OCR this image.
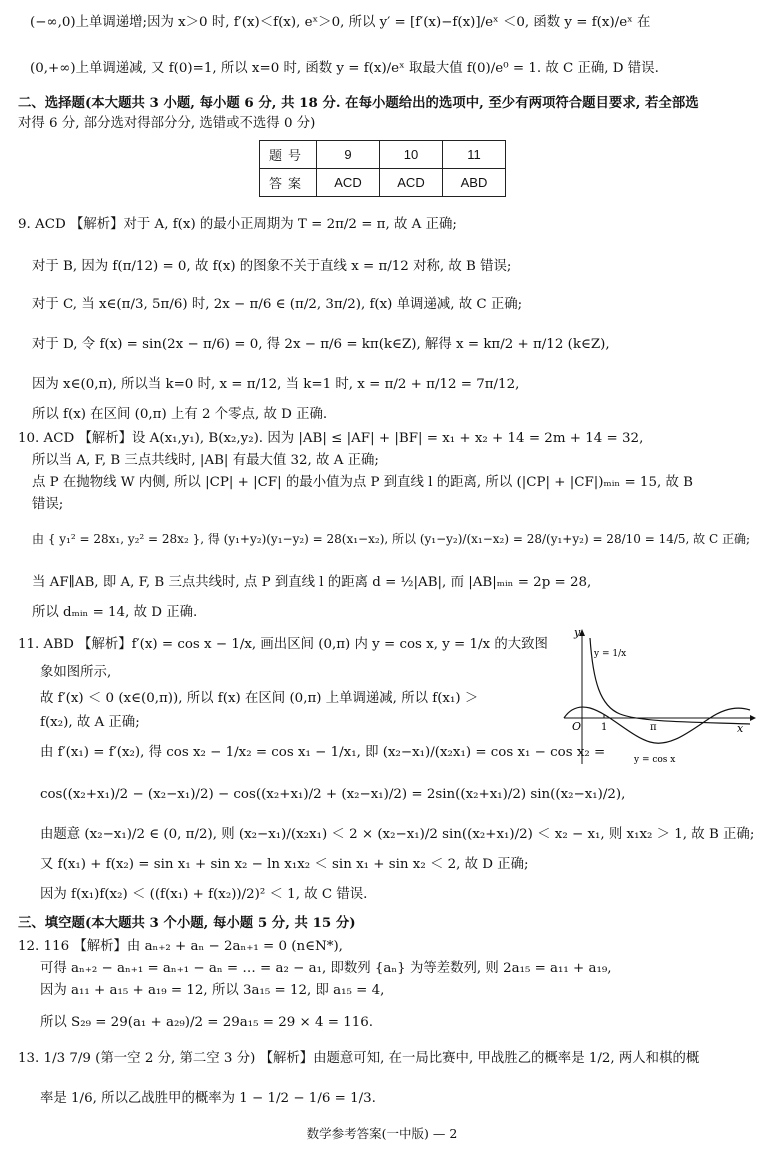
(−∞,0)上单调递增;因为 x＞0 时, f′(x)＜f(x), eˣ＞0, 所以 y′ = [f′(x)−f(x)]/eˣ ＜0, 函数 y = f(x)/eˣ 在
(0,+∞)上单调递减, 又 f(0)=1, 所以 x=0 时, 函数 y = f(x)/eˣ 取最大值 f(0)/e⁰ = 1. 故 C 正确, D 错误.
二、选择题(本大题共 3 小题, 每小题 6 分, 共 18 分. 在每小题给出的选项中, 至少有两项符合题目要求, 若全部选
对得 6 分, 部分选对得部分分, 选错或不选得 0 分)
题号	9	10	11
答案	ACD	ACD	ABD
9. ACD 【解析】对于 A, f(x) 的最小正周期为 T = 2π/2 = π, 故 A 正确;
对于 B, 因为 f(π/12) = 0, 故 f(x) 的图象不关于直线 x = π/12 对称, 故 B 错误;
对于 C, 当 x∈(π/3, 5π/6) 时, 2x − π/6 ∈ (π/2, 3π/2), f(x) 单调递减, 故 C 正确;
对于 D, 令 f(x) = sin(2x − π/6) = 0, 得 2x − π/6 = kπ(k∈Z), 解得 x = kπ/2 + π/12 (k∈Z),
因为 x∈(0,π), 所以当 k=0 时, x = π/12, 当 k=1 时, x = π/2 + π/12 = 7π/12,
所以 f(x) 在区间 (0,π) 上有 2 个零点, 故 D 正确.
10. ACD 【解析】设 A(x₁,y₁), B(x₂,y₂). 因为 |AB| ≤ |AF| + |BF| = x₁ + x₂ + 14 = 2m + 14 = 32,
所以当 A, F, B 三点共线时, |AB| 有最大值 32, 故 A 正确;
点 P 在抛物线 W 内侧, 所以 |CP| + |CF| 的最小值为点 P 到直线 l 的距离, 所以 (|CP| + |CF|)ₘᵢₙ = 15, 故 B
错误;
由 { y₁² = 28x₁, y₂² = 28x₂ }, 得 (y₁+y₂)(y₁−y₂) = 28(x₁−x₂), 所以 (y₁−y₂)/(x₁−x₂) = 28/(y₁+y₂) = 28/10 = 14/5, 故 C 正确;
当 AF∥AB, 即 A, F, B 三点共线时, 点 P 到直线 l 的距离 d = ½|AB|, 而 |AB|ₘᵢₙ = 2p = 28,
所以 dₘᵢₙ = 14, 故 D 正确.
11. ABD 【解析】f′(x) = cos x − 1/x, 画出区间 (0,π) 内 y = cos x, y = 1/x 的大致图
象如图所示,
故 f′(x) ＜ 0 (x∈(0,π)), 所以 f(x) 在区间 (0,π) 上单调递减, 所以 f(x₁) ＞
f(x₂), 故 A 正确;
由 f′(x₁) = f′(x₂), 得 cos x₂ − 1/x₂ = cos x₁ − 1/x₁, 即 (x₂−x₁)/(x₂x₁) = cos x₁ − cos x₂ =
cos((x₂+x₁)/2 − (x₂−x₁)/2) − cos((x₂+x₁)/2 + (x₂−x₁)/2) = 2sin((x₂+x₁)/2) sin((x₂−x₁)/2),
由题意 (x₂−x₁)/2 ∈ (0, π/2), 则 (x₂−x₁)/(x₂x₁) ＜ 2 × (x₂−x₁)/2 sin((x₂+x₁)/2) ＜ x₂ − x₁, 则 x₁x₂ ＞ 1, 故 B 正确;
又 f(x₁) + f(x₂) = sin x₁ + sin x₂ − ln x₁x₂ ＜ sin x₁ + sin x₂ ＜ 2, 故 D 正确;
因为 f(x₁)f(x₂) ＜ ((f(x₁) + f(x₂))/2)² ＜ 1, 故 C 错误.
x
y
O 1	π
y = 1/x
y = cos x
三、填空题(本大题共 3 个小题, 每小题 5 分, 共 15 分)
12. 116 【解析】由 aₙ₊₂ + aₙ − 2aₙ₊₁ = 0 (n∈N*),
可得 aₙ₊₂ − aₙ₊₁ = aₙ₊₁ − aₙ = … = a₂ − a₁, 即数列 {aₙ} 为等差数列, 则 2a₁₅ = a₁₁ + a₁₉,
因为 a₁₁ + a₁₅ + a₁₉ = 12, 所以 3a₁₅ = 12, 即 a₁₅ = 4,
所以 S₂₉ = 29(a₁ + a₂₉)/2 = 29a₁₅ = 29 × 4 = 116.
13. 1/3 7/9 (第一空 2 分, 第二空 3 分) 【解析】由题意可知, 在一局比赛中, 甲战胜乙的概率是 1/2, 两人和棋的概
率是 1/6, 所以乙战胜甲的概率为 1 − 1/2 − 1/6 = 1/3.
数学参考答案(一中版) — 2
